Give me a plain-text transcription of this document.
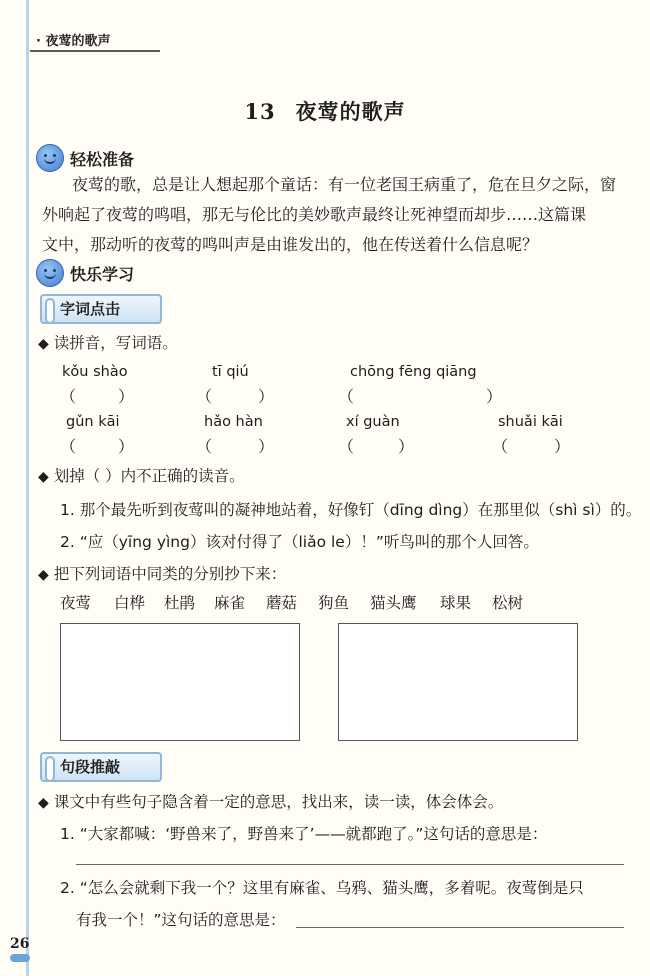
· 夜莺的歌声
13 夜莺的歌声
轻松准备
夜莺的歌，总是让人想起那个童话：有一位老国王病重了，危在旦夕之际，窗
外响起了夜莺的鸣唱，那无与伦比的美妙歌声最终让死神望而却步……这篇课
文中，那动听的夜莺的鸣叫声是由谁发出的，他在传送着什么信息呢？
快乐学习
字词点击
◆ 读拼音，写词语。
kǒu shào	tī qiú	chōng fēng qiāng
（	）	（	）	（	）
gǔn kāi	hǎo hàn	xí guàn	shuǎi kāi
（	）	（	）	（	）	（	）
◆ 划掉（ ）内不正确的读音。
1. 那个最先听到夜莺叫的凝神地站着，好像钉（dīng dìng）在那里似（shì sì）的。
2. “应（yīng yìng）该对付得了（liǎo le）！”听鸟叫的那个人回答。
◆ 把下列词语中同类的分别抄下来：
夜莺 白桦 杜鹃 麻雀 蘑菇 狗鱼 猫头鹰 球果 松树
句段推敲
◆ 课文中有些句子隐含着一定的意思，找出来，读一读，体会体会。
1. “大家都喊：‘野兽来了，野兽来了’——就都跑了。”这句话的意思是：
2. “怎么会就剩下我一个？这里有麻雀、乌鸦、猫头鹰，多着呢。夜莺倒是只
有我一个！”这句话的意思是：
26
